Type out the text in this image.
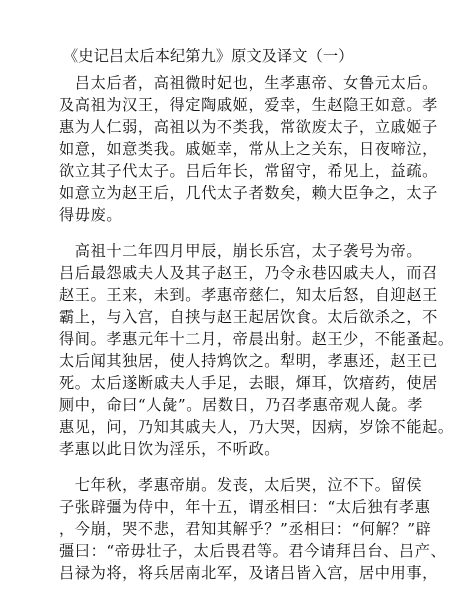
《史记吕太后本纪第九》原文及译文（一）

　吕太后者，高祖微时妃也，生孝惠帝、女鲁元太后。
及高祖为汉王，得定陶戚姬，爱幸，生赵隐王如意。孝
惠为人仁弱，高祖以为不类我，常欲废太子，立戚姬子
如意，如意类我。戚姬幸，常从上之关东，日夜啼泣，
欲立其子代太子。吕后年长，常留守，希见上，益疏。
如意立为赵王后，几代太子者数矣，赖大臣争之，太子
得毋废。

　高祖十二年四月甲辰，崩长乐宫，太子袭号为帝。
吕后最怨戚夫人及其子赵王，乃令永巷囚戚夫人，而召
赵王。王来，未到。孝惠帝慈仁，知太后怒，自迎赵王
霸上，与入宫，自挟与赵王起居饮食。太后欲杀之，不
得间。孝惠元年十二月，帝晨出射。赵王少，不能蚤起。
太后闻其独居，使人持鸩饮之。犁明，孝惠还，赵王已
死。太后遂断戚夫人手足，去眼，煇耳，饮瘖药，使居
厕中，命曰“人彘”。居数日，乃召孝惠帝观人彘。孝
惠见，问，乃知其戚夫人，乃大哭，因病，岁馀不能起。
孝惠以此日饮为淫乐，不听政。

　七年秋，孝惠帝崩。发丧，太后哭，泣不下。留侯
子张辟彊为侍中，年十五，谓丞相曰：“太后独有孝惠
，今崩，哭不悲，君知其解乎？”丞相曰：“何解？”辟
彊曰：“帝毋壮子，太后畏君等。君今请拜吕台、吕产、
吕禄为将，将兵居南北军，及诸吕皆入宫，居中用事，
